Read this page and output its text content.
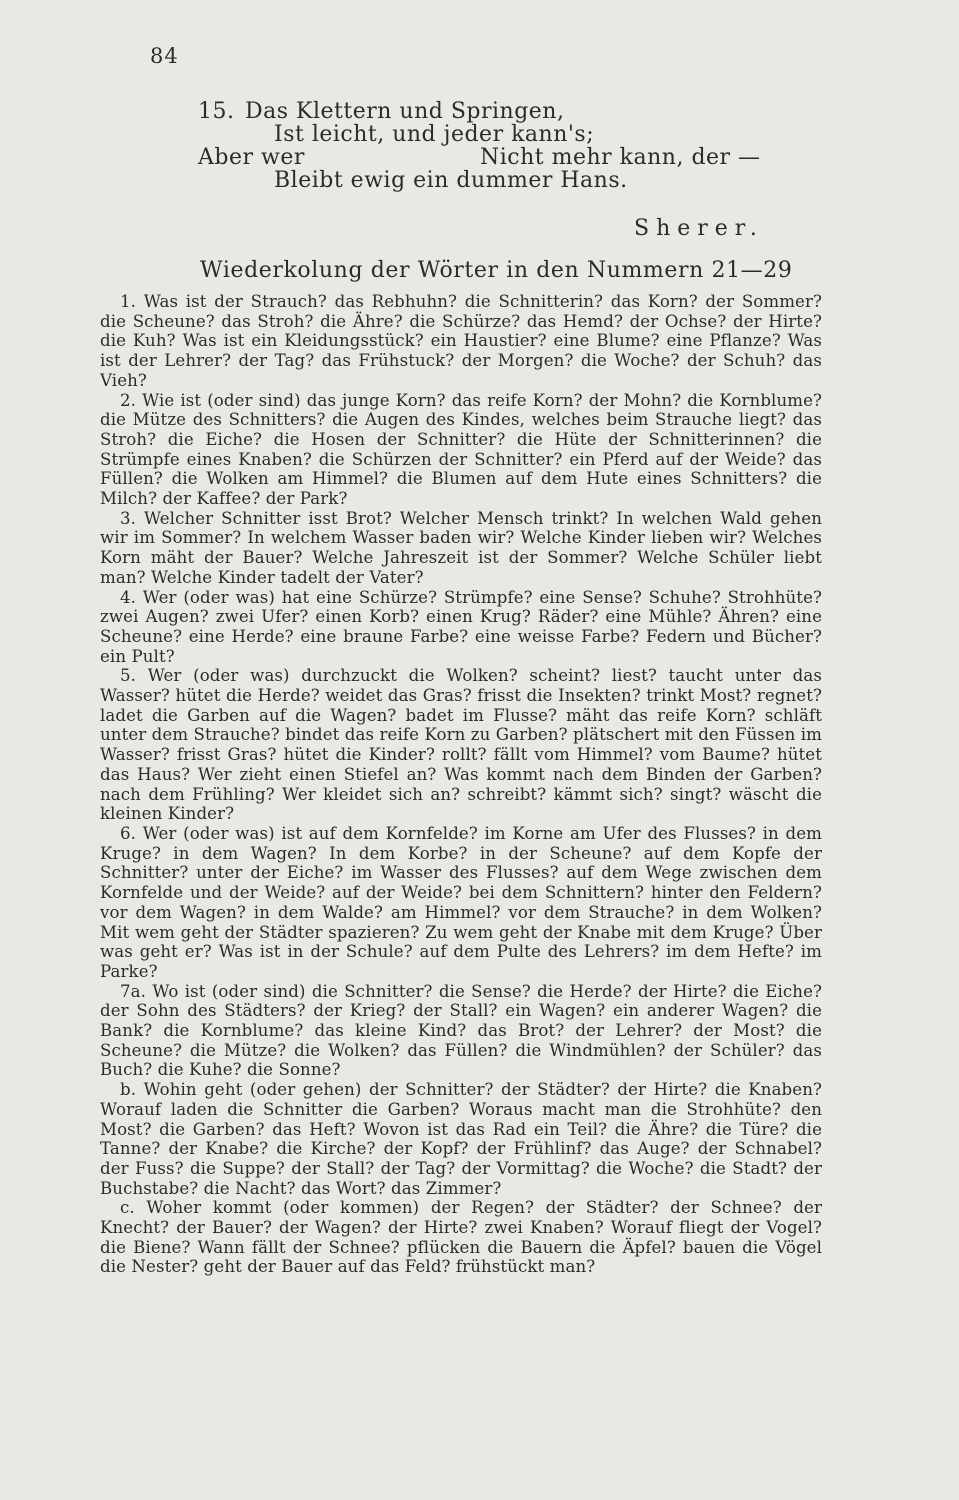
84
15. Das Klettern und Springen,
Ist leicht, und jeder kann's;
Aber wer	Nicht mehr kann, der —
Bleibt ewig ein dummer Hans.
Sherer.
Wiederkolung der Wörter in den Nummern 21—29

1. Was ist der Strauch? das Rebhuhn? die Schnitterin? das Korn? der Sommer? die Scheune? das Stroh? die Ähre? die Schürze? das Hemd? der Ochse? der Hirte? die Kuh? Was ist ein Kleidungsstück? ein Haustier? eine Blume? eine Pflanze? Was ist der Lehrer? der Tag? das Frühstuck? der Morgen? die Woche? der Schuh? das Vieh?

2. Wie ist (oder sind) das junge Korn? das reife Korn? der Mohn? die Kornblume? die Mütze des Schnitters? die Augen des Kindes, welches beim Strauche liegt? das Stroh? die Eiche? die Hosen der Schnitter? die Hüte der Schnitterinnen? die Strümpfe eines Knaben? die Schürzen der Schnitter? ein Pferd auf der Weide? das Füllen? die Wolken am Himmel? die Blumen auf dem Hute eines Schnitters? die Milch? der Kaffee? der Park?

3. Welcher Schnitter isst Brot? Welcher Mensch trinkt? In welchen Wald gehen wir im Sommer? In welchem Wasser baden wir? Welche Kinder lieben wir? Welches Korn mäht der Bauer? Welche Jahreszeit ist der Sommer? Welche Schüler liebt man? Welche Kinder tadelt der Vater?

4. Wer (oder was) hat eine Schürze? Strümpfe? eine Sense? Schuhe? Strohhüte? zwei Augen? zwei Ufer? einen Korb? einen Krug? Räder? eine Mühle? Ähren? eine Scheune? eine Herde? eine braune Farbe? eine weisse Farbe? Federn und Bücher? ein Pult?

5. Wer (oder was) durchzuckt die Wolken? scheint? liest? taucht unter das Wasser? hütet die Herde? weidet das Gras? frisst die Insekten? trinkt Most? regnet? ladet die Garben auf die Wagen? badet im Flusse? mäht das reife Korn? schläft unter dem Strauche? bindet das reife Korn zu Garben? plätschert mit den Füssen im Wasser? frisst Gras? hütet die Kinder? rollt? fällt vom Himmel? vom Baume? hütet das Haus? Wer zieht einen Stiefel an? Was kommt nach dem Binden der Garben? nach dem Frühling? Wer kleidet sich an? schreibt? kämmt sich? singt? wäscht die kleinen Kinder?

6. Wer (oder was) ist auf dem Kornfelde? im Korne am Ufer des Flusses? in dem Kruge? in dem Wagen? In dem Korbe? in der Scheune? auf dem Kopfe der Schnitter? unter der Eiche? im Wasser des Flusses? auf dem Wege zwischen dem Kornfelde und der Weide? auf der Weide? bei dem Schnittern? hinter den Feldern? vor dem Wagen? in dem Walde? am Himmel? vor dem Strauche? in dem Wolken? Mit wem geht der Städter spazieren? Zu wem geht der Knabe mit dem Kruge? Über was geht er? Was ist in der Schule? auf dem Pulte des Lehrers? im dem Hefte? im Parke?

7a. Wo ist (oder sind) die Schnitter? die Sense? die Herde? der Hirte? die Eiche? der Sohn des Städters? der Krieg? der Stall? ein Wagen? ein anderer Wagen? die Bank? die Kornblume? das kleine Kind? das Brot? der Lehrer? der Most? die Scheune? die Mütze? die Wolken? das Füllen? die Windmühlen? der Schüler? das Buch? die Kuhe? die Sonne?

b. Wohin geht (oder gehen) der Schnitter? der Städter? der Hirte? die Knaben? Worauf laden die Schnitter die Garben? Woraus macht man die Strohhüte? den Most? die Garben? das Heft? Wovon ist das Rad ein Teil? die Ähre? die Türe? die Tanne? der Knabe? die Kirche? der Kopf? der Frühlinf? das Auge? der Schnabel? der Fuss? die Suppe? der Stall? der Tag? der Vormittag? die Woche? die Stadt? der Buchstabe? die Nacht? das Wort? das Zimmer?

c. Woher kommt (oder kommen) der Regen? der Städter? der Schnee? der Knecht? der Bauer? der Wagen? der Hirte? zwei Knaben? Worauf fliegt der Vogel? die Biene? Wann fällt der Schnee? pflücken die Bauern die Äpfel? bauen die Vögel die Nester? geht der Bauer auf das Feld? frühstückt man?
